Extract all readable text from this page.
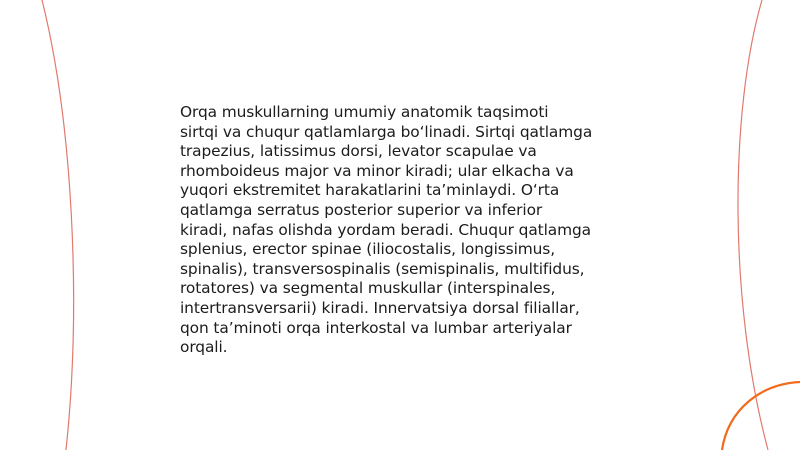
Orqa muskullarning umumiy anatomik taqsimoti
sirtqi va chuqur qatlamlarga boʻlinadi. Sirtqi qatlamga
trapezius, latissimus dorsi, levator scapulae va
rhomboideus major va minor kiradi; ular elkacha va
yuqori ekstremitet harakatlarini taʼminlaydi. Oʻrta
qatlamga serratus posterior superior va inferior
kiradi, nafas olishda yordam beradi. Chuqur qatlamga
splenius, erector spinae (iliocostalis, longissimus,
spinalis), transversospinalis (semispinalis, multifidus,
rotatores) va segmental muskullar (interspinales,
intertransversarii) kiradi. Innervatsiya dorsal filiallar,
qon taʼminoti orqa interkostal va lumbar arteriyalar
orqali.
